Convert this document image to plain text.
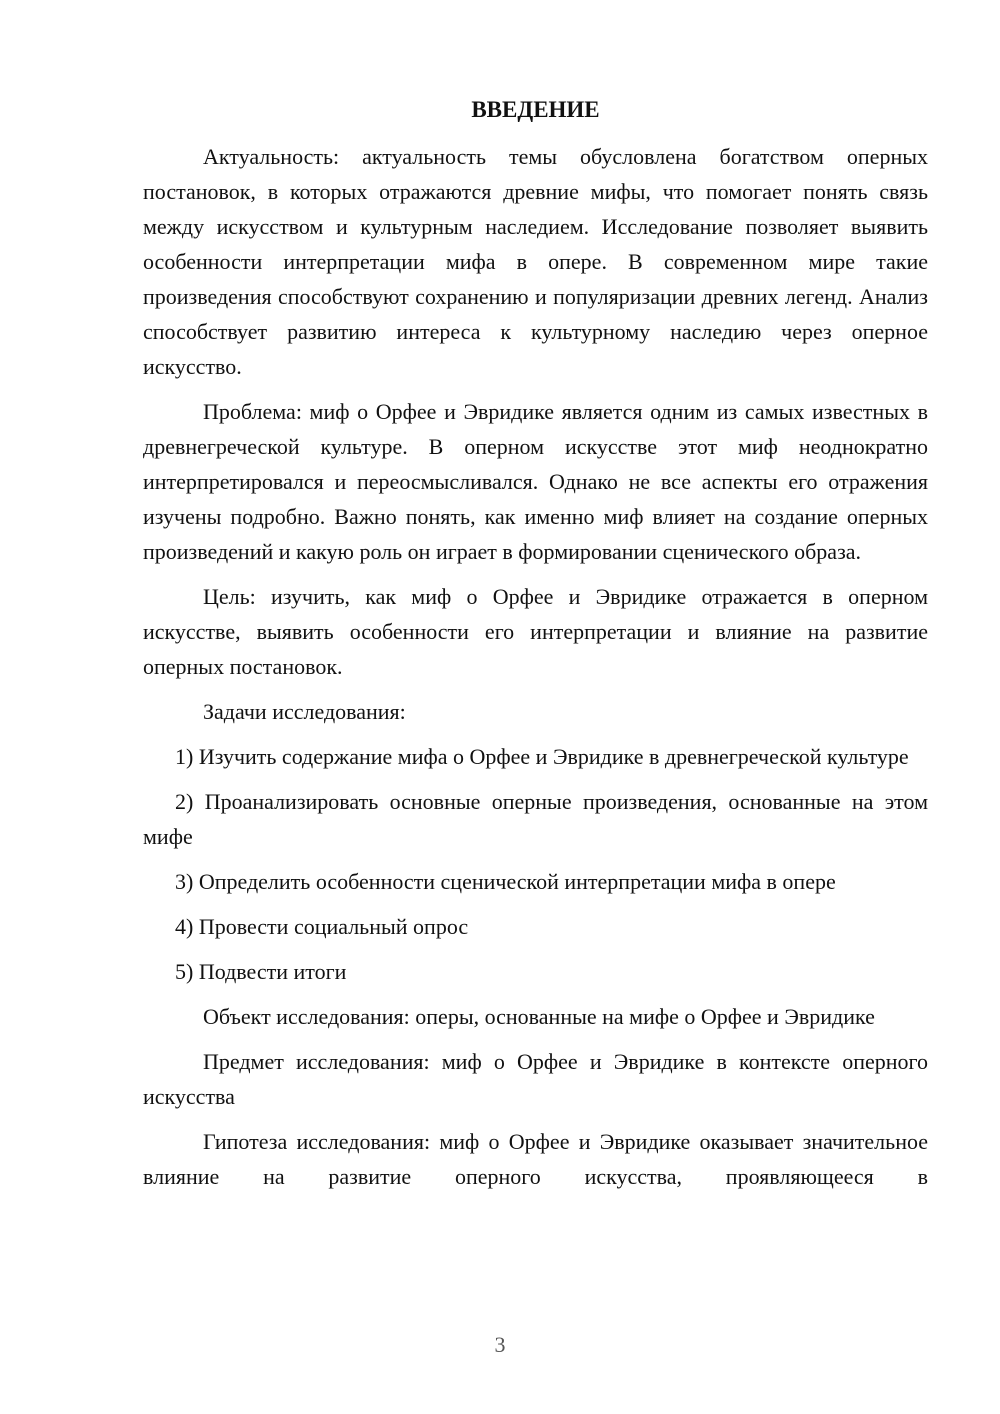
ВВЕДЕНИЕ

Актуальность: актуальность темы обусловлена богатством оперных постановок, в которых отражаются древние мифы, что помогает понять связь между искусством и культурным наследием. Исследование позволяет выявить особенности интерпретации мифа в опере. В современном мире такие произведения способствуют сохранению и популяризации древних легенд. Анализ способствует развитию интереса к культурному наследию через оперное искусство.

Проблема: миф о Орфее и Эвридике является одним из самых известных в древнегреческой культуре. В оперном искусстве этот миф неоднократно интерпретировался и переосмысливался. Однако не все аспекты его отражения изучены подробно. Важно понять, как именно миф влияет на создание оперных произведений и какую роль он играет в формировании сценического образа.

Цель: изучить, как миф о Орфее и Эвридике отражается в оперном искусстве, выявить особенности его интерпретации и влияние на развитие оперных постановок.

Задачи исследования:

1) Изучить содержание мифа о Орфее и Эвридике в древнегреческой культуре

2) Проанализировать основные оперные произведения, основанные на этом мифе

3) Определить особенности сценической интерпретации мифа в опере

4) Провести социальный опрос

5) Подвести итоги

Объект исследования: оперы, основанные на мифе о Орфее и Эвридике

Предмет исследования: миф о Орфее и Эвридике в контексте оперного искусства

Гипотеза исследования: миф о Орфее и Эвридике оказывает значительное влияние на развитие оперного искусства, проявляющееся в

3
